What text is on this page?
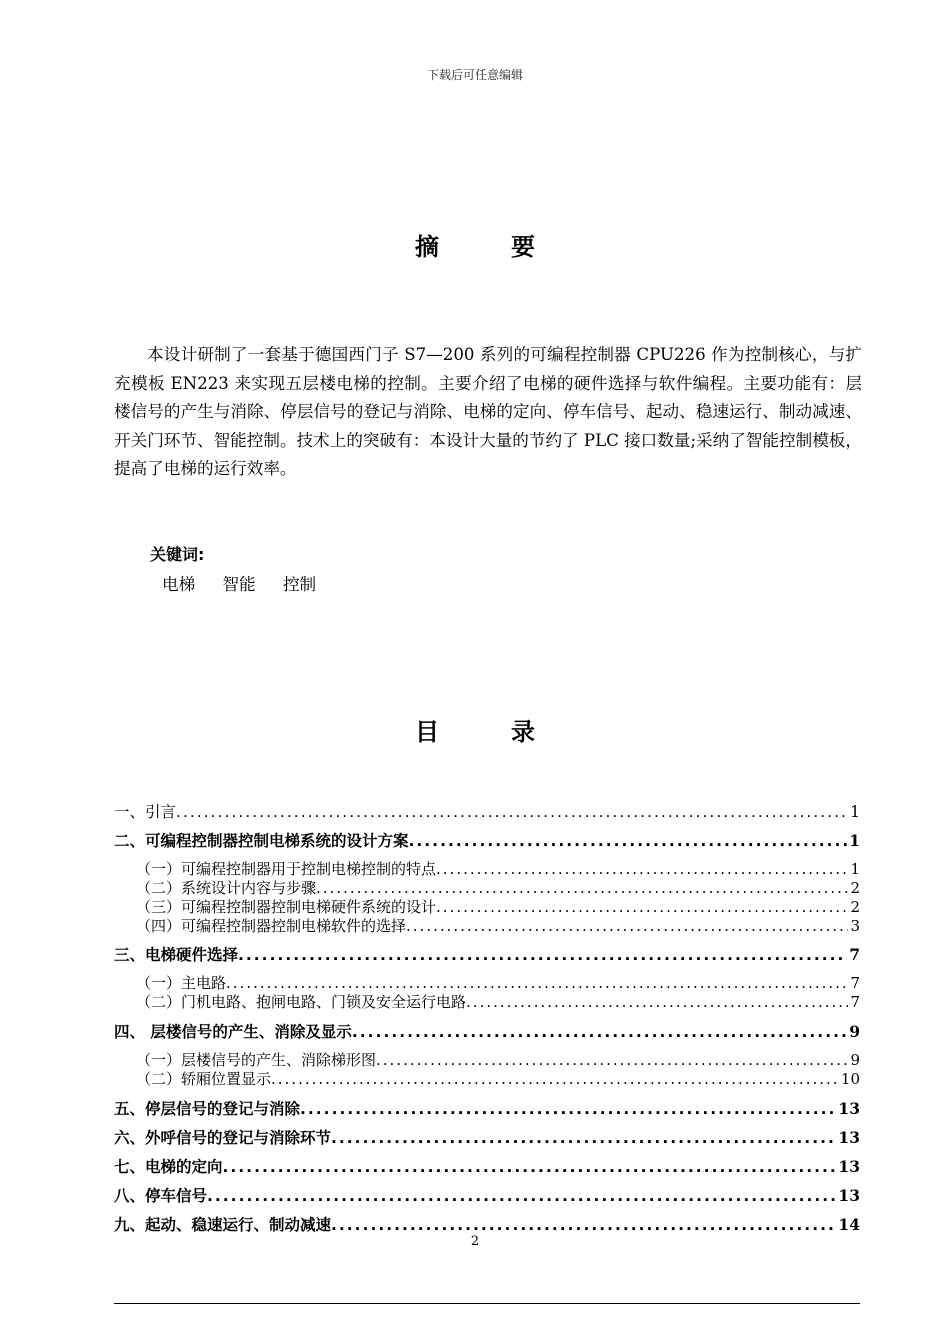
下载后可任意编辑
摘	要

本设计研制了一套基于德国西门子 S7—200 系列的可编程控制器 CPU226 作为控制核心，与扩充模板 EN223 来实现五层楼电梯的控制。主要介绍了电梯的硬件选择与软件编程。主要功能有：层楼信号的产生与消除、停层信号的登记与消除、电梯的定向、停车信号、起动、稳速运行、制动减速、开关门环节、智能控制。技术上的突破有：本设计大量的节约了 PLC 接口数量;采纳了智能控制模板，提高了电梯的运行效率。

关键词:
电梯 智能 控制
目	录
一、引言 .....	1
二、可编程控制器控制电梯系统的设计方案 .....	1
（一）可编程控制器用于控制电梯控制的特点 .....	1
（二）系统设计内容与步骤 .....	2
（三）可编程控制器控制电梯硬件系统的设计 .....	2
（四）可编程控制器控制电梯软件的选择 .....	3
三、电梯硬件选择 .....	7
（一）主电路 .....	7
（二）门机电路、抱闸电路、门锁及安全运行电路 .....	7
四、 层楼信号的产生、消除及显示 .....	9
（一）层楼信号的产生、消除梯形图 .....	9
（二）轿厢位置显示 .....	10
五、停层信号的登记与消除 .....	13
六、外呼信号的登记与消除环节 .....	13
七、电梯的定向 .....	13
八、停车信号 .....	13
九、起动、稳速运行、制动减速 .....	14
2
